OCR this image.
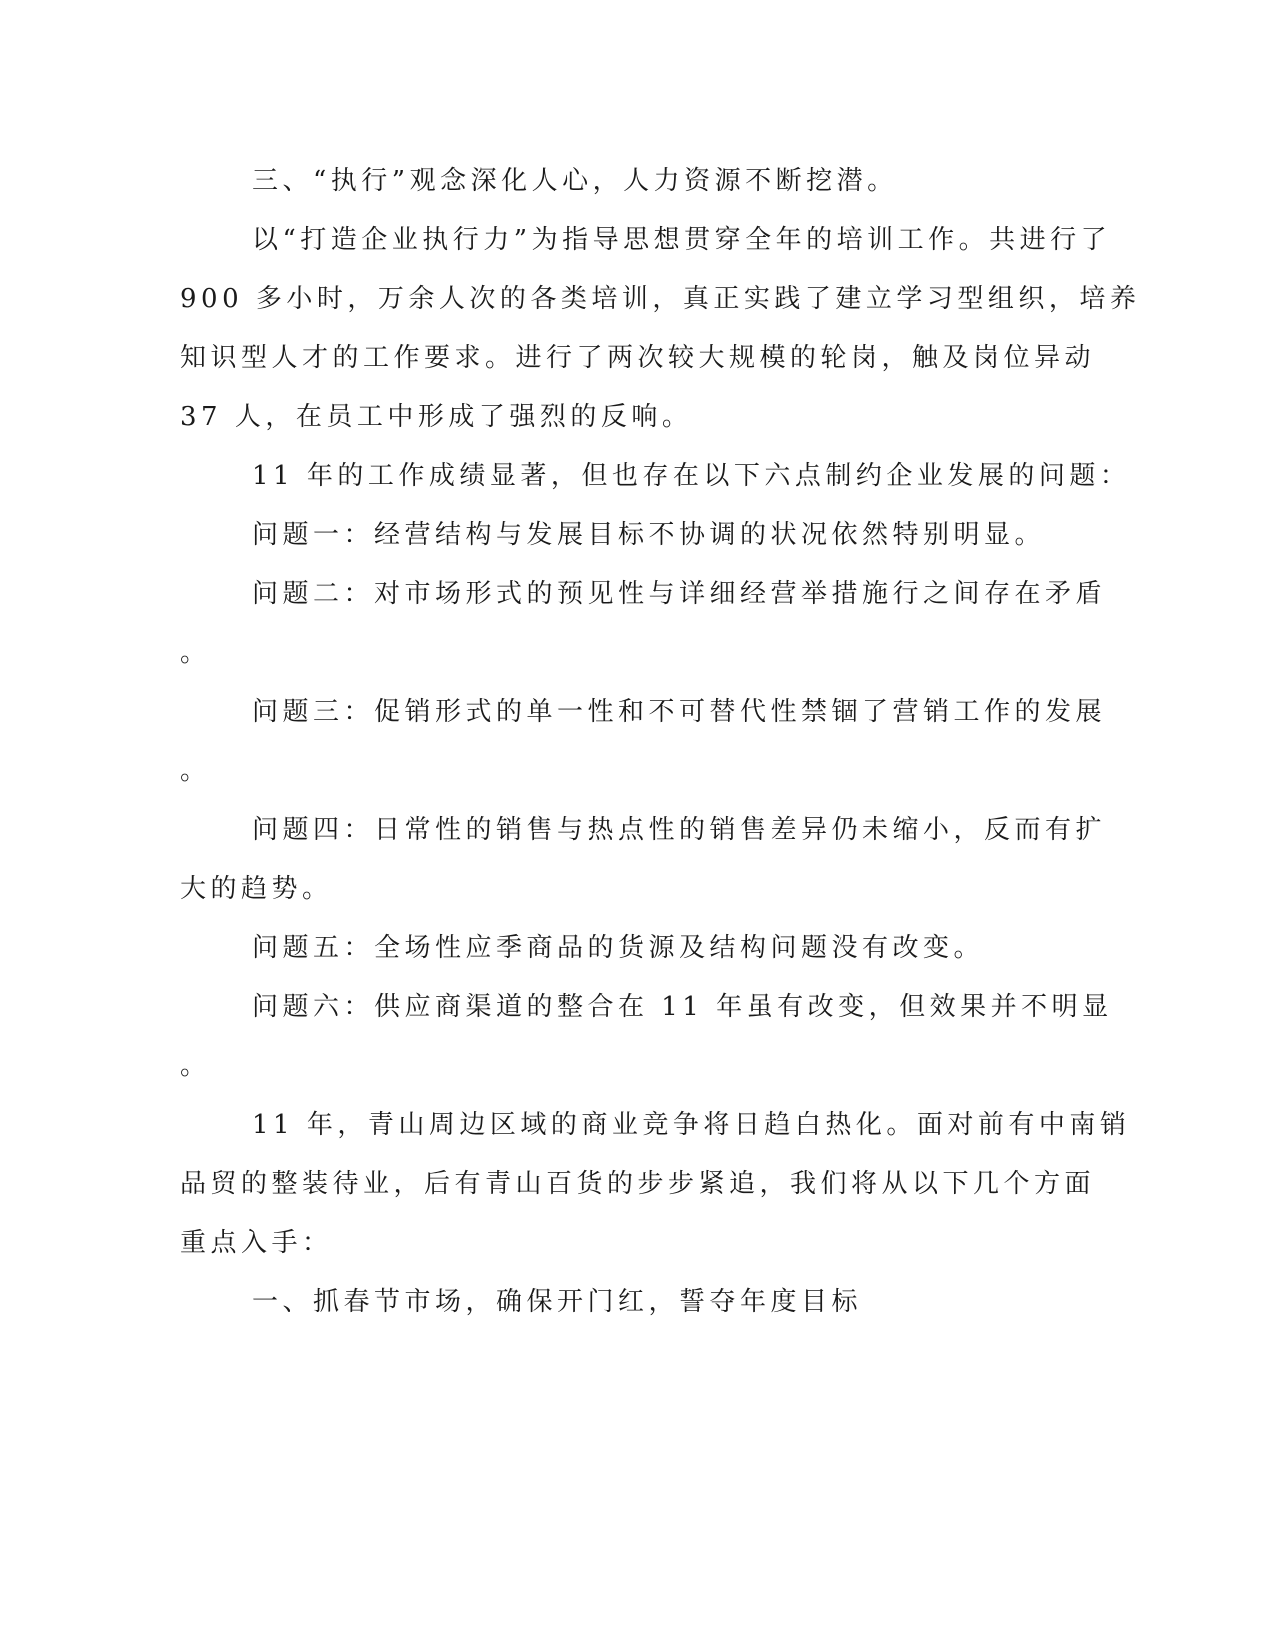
三、“执行”观念深化人心，人力资源不断挖潜。

以“打造企业执行力”为指导思想贯穿全年的培训工作。共进行了

900 多小时，万余人次的各类培训，真正实践了建立学习型组织，培养

知识型人才的工作要求。进行了两次较大规模的轮岗，触及岗位异动

37 人，在员工中形成了强烈的反响。

11 年的工作成绩显著，但也存在以下六点制约企业发展的问题：

问题一：经营结构与发展目标不协调的状况依然特别明显。

问题二：对市场形式的预见性与详细经营举措施行之间存在矛盾

。

问题三：促销形式的单一性和不可替代性禁锢了营销工作的发展

。

问题四：日常性的销售与热点性的销售差异仍未缩小，反而有扩

大的趋势。

问题五：全场性应季商品的货源及结构问题没有改变。

问题六：供应商渠道的整合在 11 年虽有改变，但效果并不明显

。

11 年，青山周边区域的商业竞争将日趋白热化。面对前有中南销

品贸的整装待业，后有青山百货的步步紧追，我们将从以下几个方面

重点入手：

一、抓春节市场，确保开门红，誓夺年度目标
